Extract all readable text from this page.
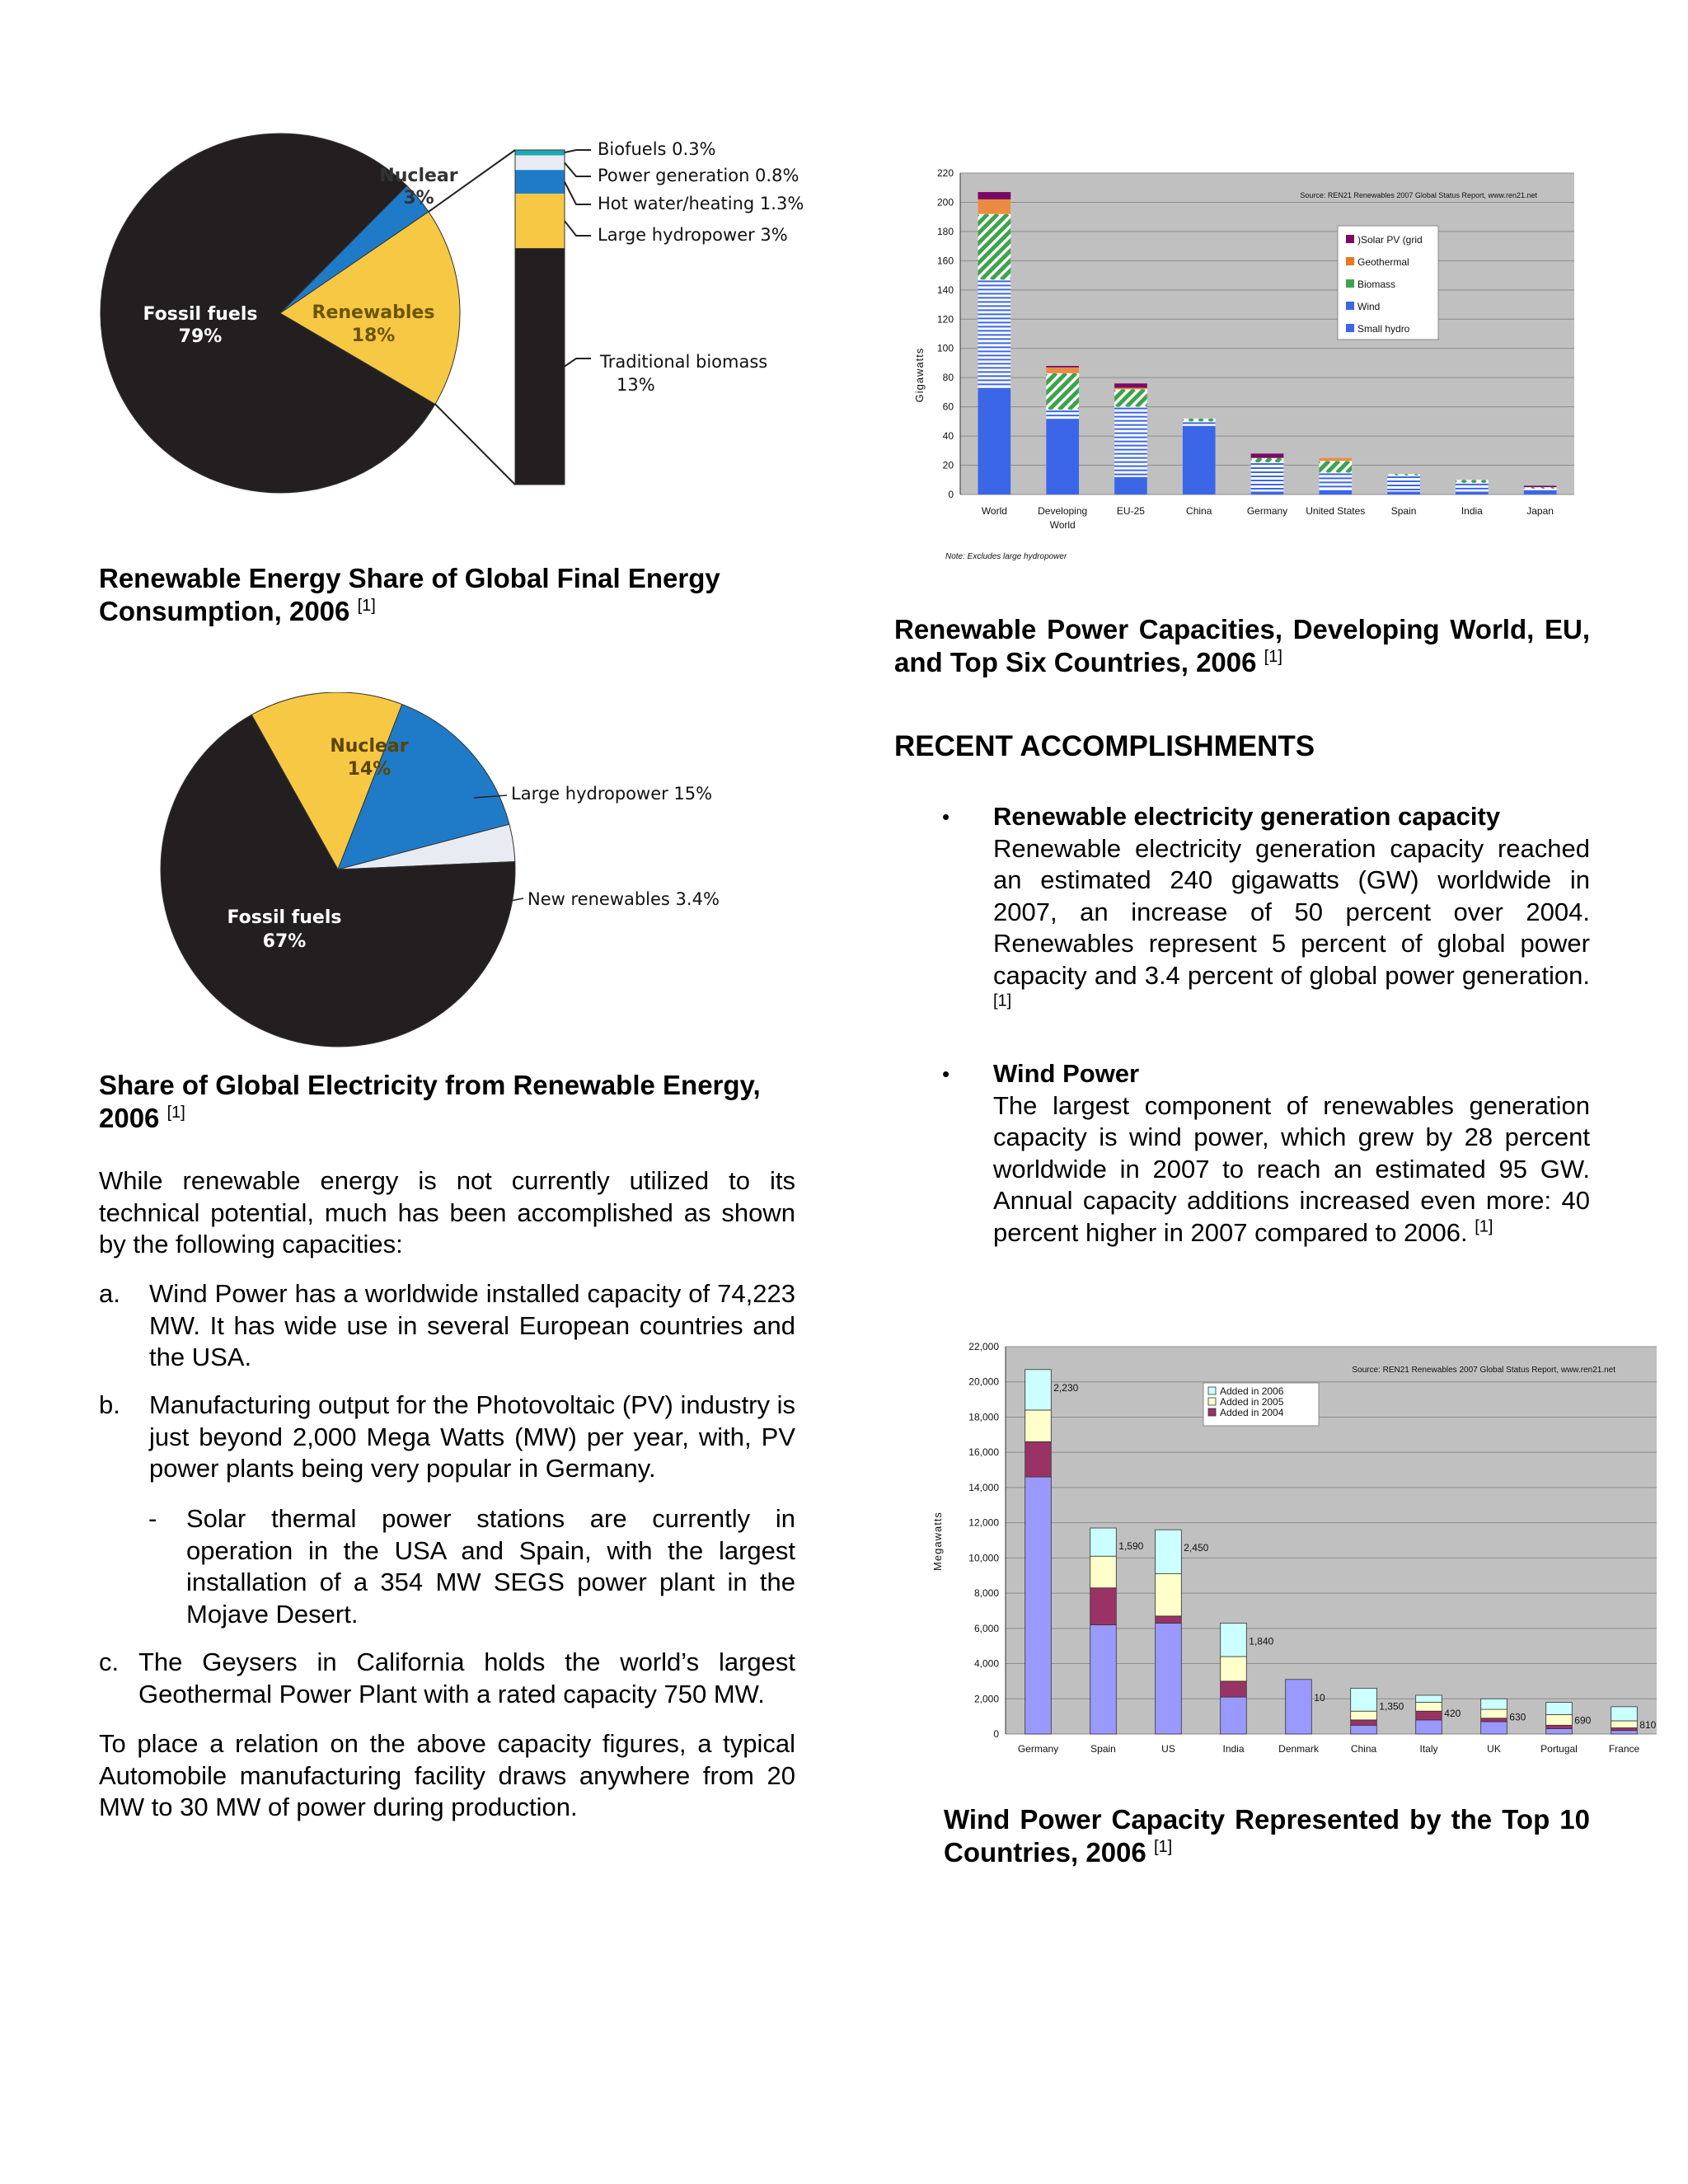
Fossil fuels
79%
Renewables
18%
Nuclear
3%
Biofuels 0.3%
Power generation 0.8%
Hot water/heating 1.3%
Large hydropower 3%
Traditional biomass
13%
Renewable Energy Share of Global Final Energy Consumption, 2006 [1]
Nuclear
14%
Large hydropower 15%
New renewables 3.4%
Fossil fuels
67%
Share of Global Electricity from Renewable Energy, 2006 [1]
While renewable energy is not currently utilized to its technical potential, much has been accomplished as shown by the following capacities:
a. Wind Power has a worldwide installed capacity of 74,223 MW. It has wide use in several European countries and the USA.
b. Manufacturing output for the Photovoltaic (PV) industry is just beyond 2,000 Mega Watts (MW) per year, with, PV power plants being very popular in Germany.
- Solar thermal power stations are currently in operation in the USA and Spain, with the largest installation of a 354 MW SEGS power plant in the Mojave Desert.
c. The Geysers in California holds the world’s largest Geothermal Power Plant with a rated capacity 750 MW.
To place a relation on the above capacity figures, a typical Automobile manufacturing facility draws anywhere from 20 MW to 30 MW of power during production.
0
20
40
60
80
100
120
140
160
180
200
220
World	Developing
World
EU-25	China	Germany United States	Spain	India	Japan
Gigawatts
Source: REN21 Renewables 2007 Global Status Report, www.ren21.net
Note: Excludes large hydropower
)Solar PV (grid
Geothermal
Biomass
Wind
Small hydro
Renewable Power Capacities, Developing World, EU, and Top Six Countries, 2006 [1]
RECENT ACCOMPLISHMENTS
• Renewable electricity generation capacity
Renewable electricity generation capacity reached an estimated 240 gigawatts (GW) worldwide in 2007, an increase of 50 percent over 2004. Renewables represent 5 percent of global power capacity and 3.4 percent of global power generation. [1]
• Wind Power
The largest component of renewables generation capacity is wind power, which grew by 28 percent worldwide in 2007 to reach an estimated 95 GW. Annual capacity additions increased even more: 40 percent higher in 2007 compared to 2006. [1]
0
2,000
4,000
6,000
8,000
10,000
12,000
14,000
16,000
18,000
20,000
22,000
2,230
1,590	2,450
1,840
10
1,350
420	630	690	810
Germany	Spain	US	India	Denmark	China	Italy	UK	Portugal	France
Megawatts
Source: REN21 Renewables 2007 Global Status Report, www.ren21.net
Added in 2006
Added in 2005
Added in 2004
Wind Power Capacity Represented by the Top 10 Countries, 2006 [1]
